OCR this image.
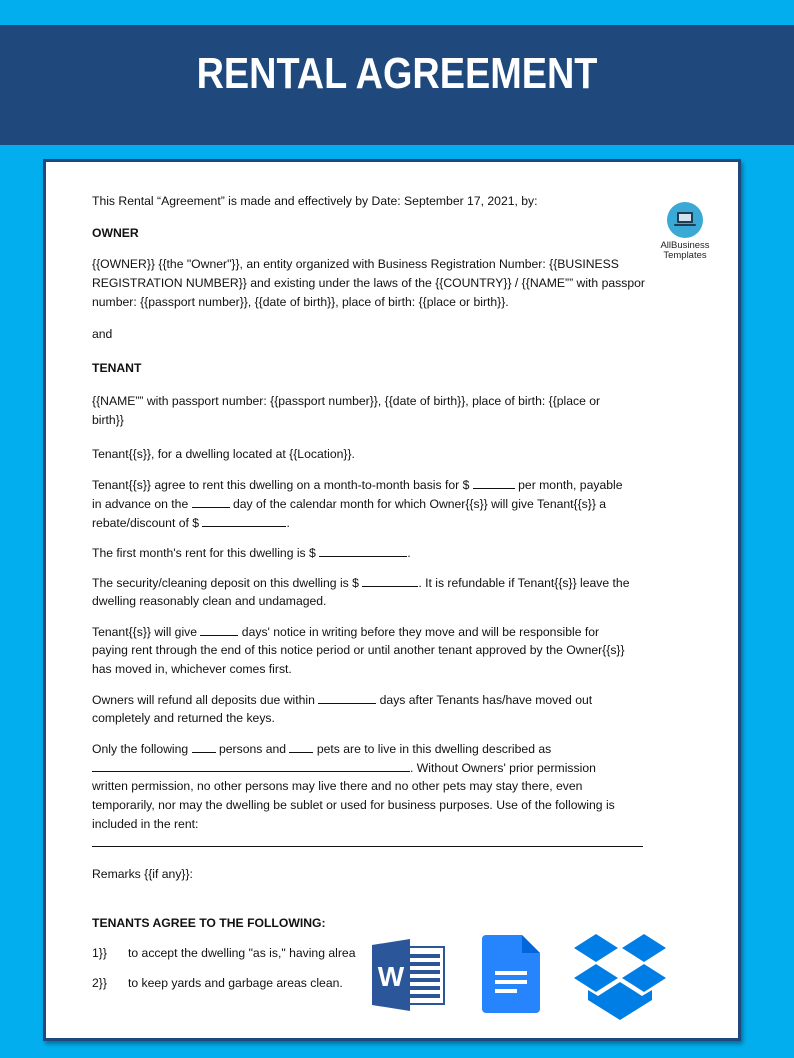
RENTAL AGREEMENT
AllBusiness
Templates
This Rental “Agreement” is made and effectively by Date: September 17, 2021, by:
OWNER
{{OWNER}} {{the "Owner"}}, an entity organized with Business Registration Number: {{BUSINESS
REGISTRATION NUMBER}} and existing under the laws of the {{COUNTRY}} / {{NAME”” with passpor
number: {{passport number}}, {{date of birth}}, place of birth: {{place or birth}}.
and
TENANT
{{NAME”” with passport number: {{passport number}}, {{date of birth}}, place of birth: {{place or
birth}}
Tenant{{s}}, for a dwelling located at {{Location}}.
Tenant{{s}} agree to rent this dwelling on a month-to-month basis for $	per month, payable
in advance on the	day of the calendar month for which Owner{{s}} will give Tenant{{s}} a
rebate/discount of $	.
The first month's rent for this dwelling is $	.
The security/cleaning deposit on this dwelling is $	. It is refundable if Tenant{{s}} leave the
dwelling reasonably clean and undamaged.
Tenant{{s}} will give	days' notice in writing before they move and will be responsible for
paying rent through the end of this notice period or until another tenant approved by the Owner{{s}}
has moved in, whichever comes first.
Owners will refund all deposits due within	days after Tenants has/have moved out
completely and returned the keys.
Only the following  persons and  pets are to live in this dwelling described as
. Without Owners' prior permission
written permission, no other persons may live there and no other pets may stay there, even
temporarily, nor may the dwelling be sublet or used for business purposes. Use of the following is
included in the rent:
Remarks {{if any}}:
TENANTS AGREE TO THE FOLLOWING:
1}} to accept the dwelling "as is," having alrea
2}} to keep yards and garbage areas clean. W
